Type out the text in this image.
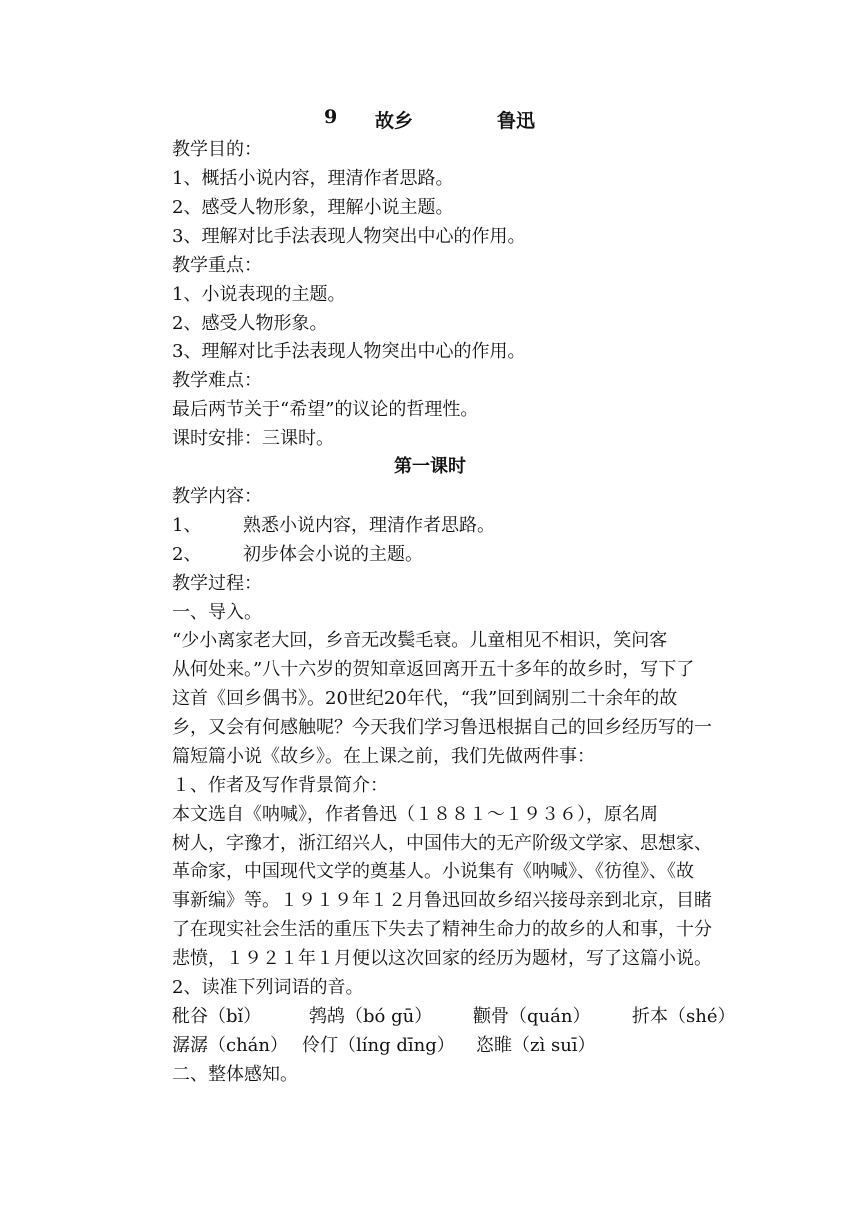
9 故乡	鲁迅
教学目的：
1、概括小说内容，理清作者思路。
2、感受人物形象，理解小说主题。
3、理解对比手法表现人物突出中心的作用。
教学重点：
1、小说表现的主题。
2、感受人物形象。
3、理解对比手法表现人物突出中心的作用。
教学难点：
最后两节关于“希望”的议论的哲理性。
课时安排：三课时。
第一课时
教学内容：
1、 熟悉小说内容，理清作者思路。
2、 初步体会小说的主题。
教学过程：
一、导入。
“少小离家老大回，乡音无改鬓毛衰。儿童相见不相识，笑问客
从何处来。”八十六岁的贺知章返回离开五十多年的故乡时，写下了
这首《回乡偶书》。20世纪20年代，“我”回到阔别二十余年的故
乡，又会有何感触呢？今天我们学习鲁迅根据自己的回乡经历写的一
篇短篇小说《故乡》。在上课之前，我们先做两件事：
１、作者及写作背景简介：
本文选自《呐喊》，作者鲁迅（１８８１～１９３６），原名周
树人，字豫才，浙江绍兴人，中国伟大的无产阶级文学家、思想家、
革命家，中国现代文学的奠基人。小说集有《呐喊》、《彷徨》、《故
事新编》等。１９１９年１２月鲁迅回故乡绍兴接母亲到北京，目睹
了在现实社会生活的重压下失去了精神生命力的故乡的人和事，十分
悲愤，１９２１年１月便以这次回家的经历为题材，写了这篇小说。
2、读准下列词语的音。
秕谷（bǐ）	鹁鸪（bó gū） 颧骨（quán） 折本（shé）
潺潺（chán） 伶仃（líng dīng） 恣睢（zì suī）
二、整体感知。
